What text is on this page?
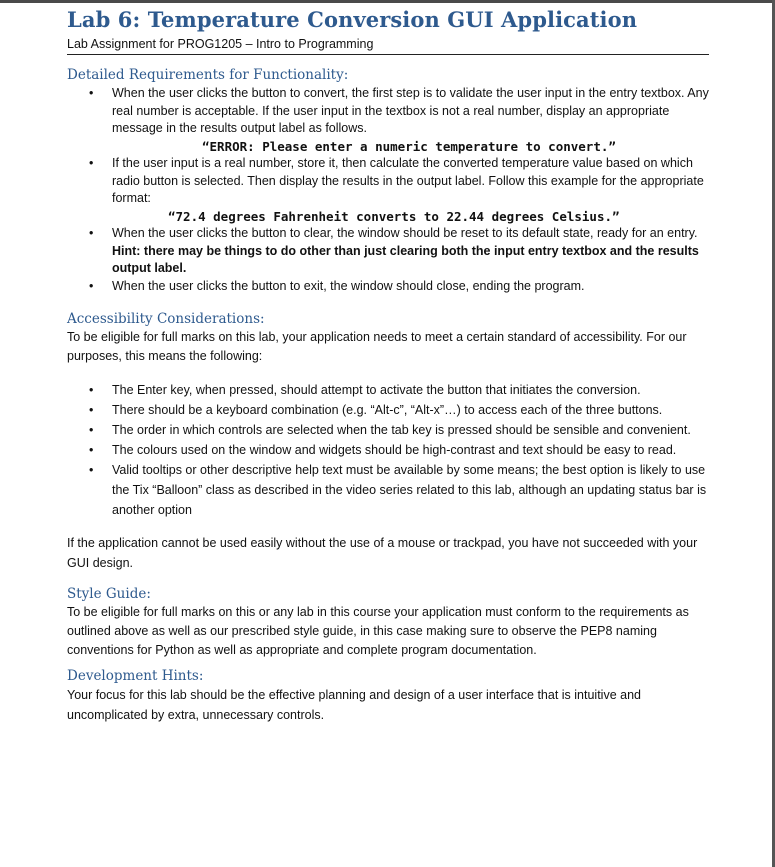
Lab 6: Temperature Conversion GUI Application
Lab Assignment for PROG1205 – Intro to Programming
Detailed Requirements for Functionality:
• When the user clicks the button to convert, the first step is to validate the user input in the entry textbox. Any real number is acceptable. If the user input in the textbox is not a real number, display an appropriate message in the results output label as follows.
“ERROR: Please enter a numeric temperature to convert.”
• If the user input is a real number, store it, then calculate the converted temperature value based on which radio button is selected. Then display the results in the output label. Follow this example for the appropriate format:
“72.4 degrees Fahrenheit converts to 22.44 degrees Celsius.”
• When the user clicks the button to clear, the window should be reset to its default state, ready for an entry. Hint: there may be things to do other than just clearing both the input entry textbox and the results output label.
• When the user clicks the button to exit, the window should close, ending the program.
Accessibility Considerations:

To be eligible for full marks on this lab, your application needs to meet a certain standard of accessibility. For our purposes, this means the following:

• The Enter key, when pressed, should attempt to activate the button that initiates the conversion.
• There should be a keyboard combination (e.g. “Alt-c”, “Alt-x”…) to access each of the three buttons.
• The order in which controls are selected when the tab key is pressed should be sensible and convenient.
• The colours used on the window and widgets should be high-contrast and text should be easy to read.
• Valid tooltips or other descriptive help text must be available by some means; the best option is likely to use the Tix “Balloon” class as described in the video series related to this lab, although an updating status bar is another option

If the application cannot be used easily without the use of a mouse or trackpad, you have not succeeded with your GUI design.

Style Guide:

To be eligible for full marks on this or any lab in this course your application must conform to the requirements as outlined above as well as our prescribed style guide, in this case making sure to observe the PEP8 naming conventions for Python as well as appropriate and complete program documentation.

Development Hints:

Your focus for this lab should be the effective planning and design of a user interface that is intuitive and uncomplicated by extra, unnecessary controls.
